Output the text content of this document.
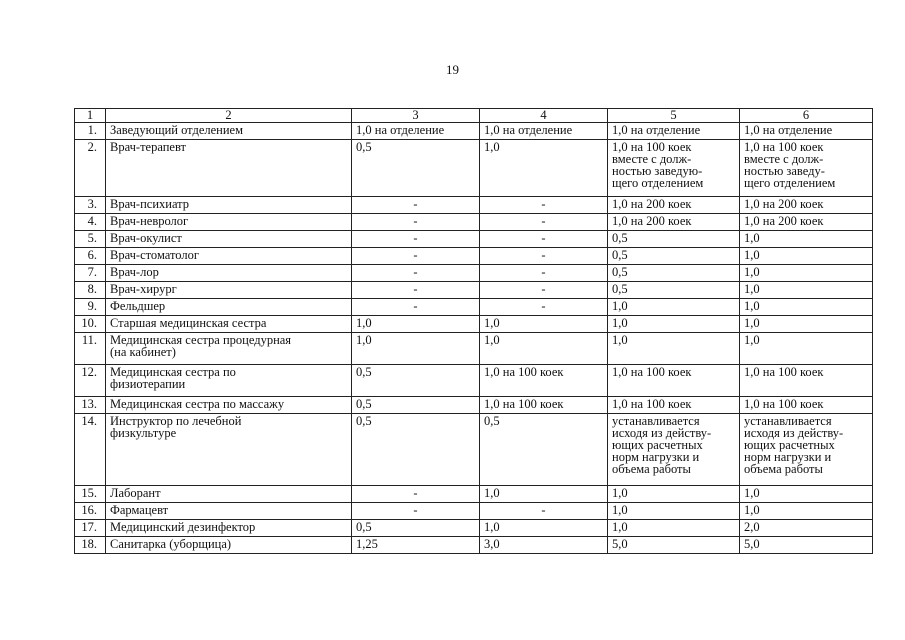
19
1	2	3	4	5	6
1.	Заведующий отделением	1,0 на отделение	1,0 на отделение	1,0 на отделение	1,0 на отделение
2.	Врач-терапевт	0,5	1,0	1,0 на 100 коек
вместе с долж-
ностью заведую-
щего отделением	1,0 на 100 коек
вместе с долж-
ностью заведу-
щего отделением
3.	Врач-психиатр	-	-	1,0 на 200 коек	1,0 на 200 коек
4.	Врач-невролог	-	-	1,0 на 200 коек	1,0 на 200 коек
5.	Врач-окулист	-	-	0,5	1,0
6.	Врач-стоматолог	-	-	0,5	1,0
7.	Врач-лор	-	-	0,5	1,0
8.	Врач-хирург	-	-	0,5	1,0
9.	Фельдшер	-	-	1,0	1,0
10.	Старшая медицинская сестра	1,0	1,0	1,0	1,0
11.	Медицинская сестра процедурная
(на кабинет)	1,0	1,0	1,0	1,0
12.	Медицинская сестра по
физиотерапии	0,5	1,0 на 100 коек	1,0 на 100 коек	1,0 на 100 коек
13.	Медицинская сестра по массажу	0,5	1,0 на 100 коек	1,0 на 100 коек	1,0 на 100 коек
14.	Инструктор по лечебной
физкультуре	0,5	0,5	устанавливается
исходя из действу-
ющих расчетных
норм нагрузки и
объема работы	устанавливается
исходя из действу-
ющих расчетных
норм нагрузки и
объема работы
15.	Лаборант	-	1,0	1,0	1,0
16.	Фармацевт	-	-	1,0	1,0
17.	Медицинский дезинфектор	0,5	1,0	1,0	2,0
18.	Санитарка (уборщица)	1,25	3,0	5,0	5,0
